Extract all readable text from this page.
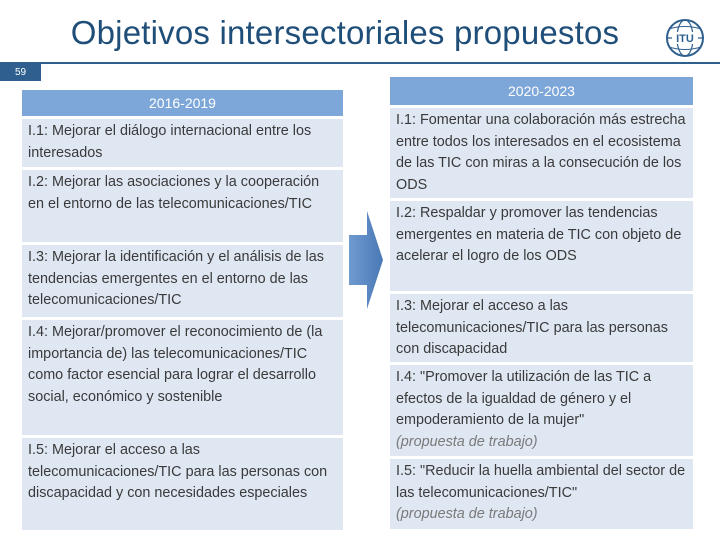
Objetivos intersectoriales propuestos	ITU
59
2016-2019
I.1: Mejorar el diálogo internacional entre los interesados
I.2: Mejorar las asociaciones y la cooperación en el entorno de las telecomunicaciones/TIC
I.3: Mejorar la identificación y el análisis de las tendencias emergentes en el entorno de las telecomunicaciones/TIC
I.4: Mejorar/promover el reconocimiento de (la importancia de) las telecomunicaciones/TIC como factor esencial para lograr el desarrollo social, económico y sostenible
I.5: Mejorar el acceso a las telecomunicaciones/TIC para las personas con discapacidad y con necesidades especiales
2020-2023
I.1: Fomentar una colaboración más estrecha entre todos los interesados en el ecosistema de las TIC con miras a la consecución de los ODS
I.2: Respaldar y promover las tendencias emergentes en materia de TIC con objeto de acelerar el logro de los ODS
I.3: Mejorar el acceso a las telecomunicaciones/TIC para las personas con discapacidad
I.4: "Promover la utilización de las TIC a efectos de la igualdad de género y el empoderamiento de la mujer"
(propuesta de trabajo)
I.5: "Reducir la huella ambiental del sector de las telecomunicaciones/TIC"
(propuesta de trabajo)
